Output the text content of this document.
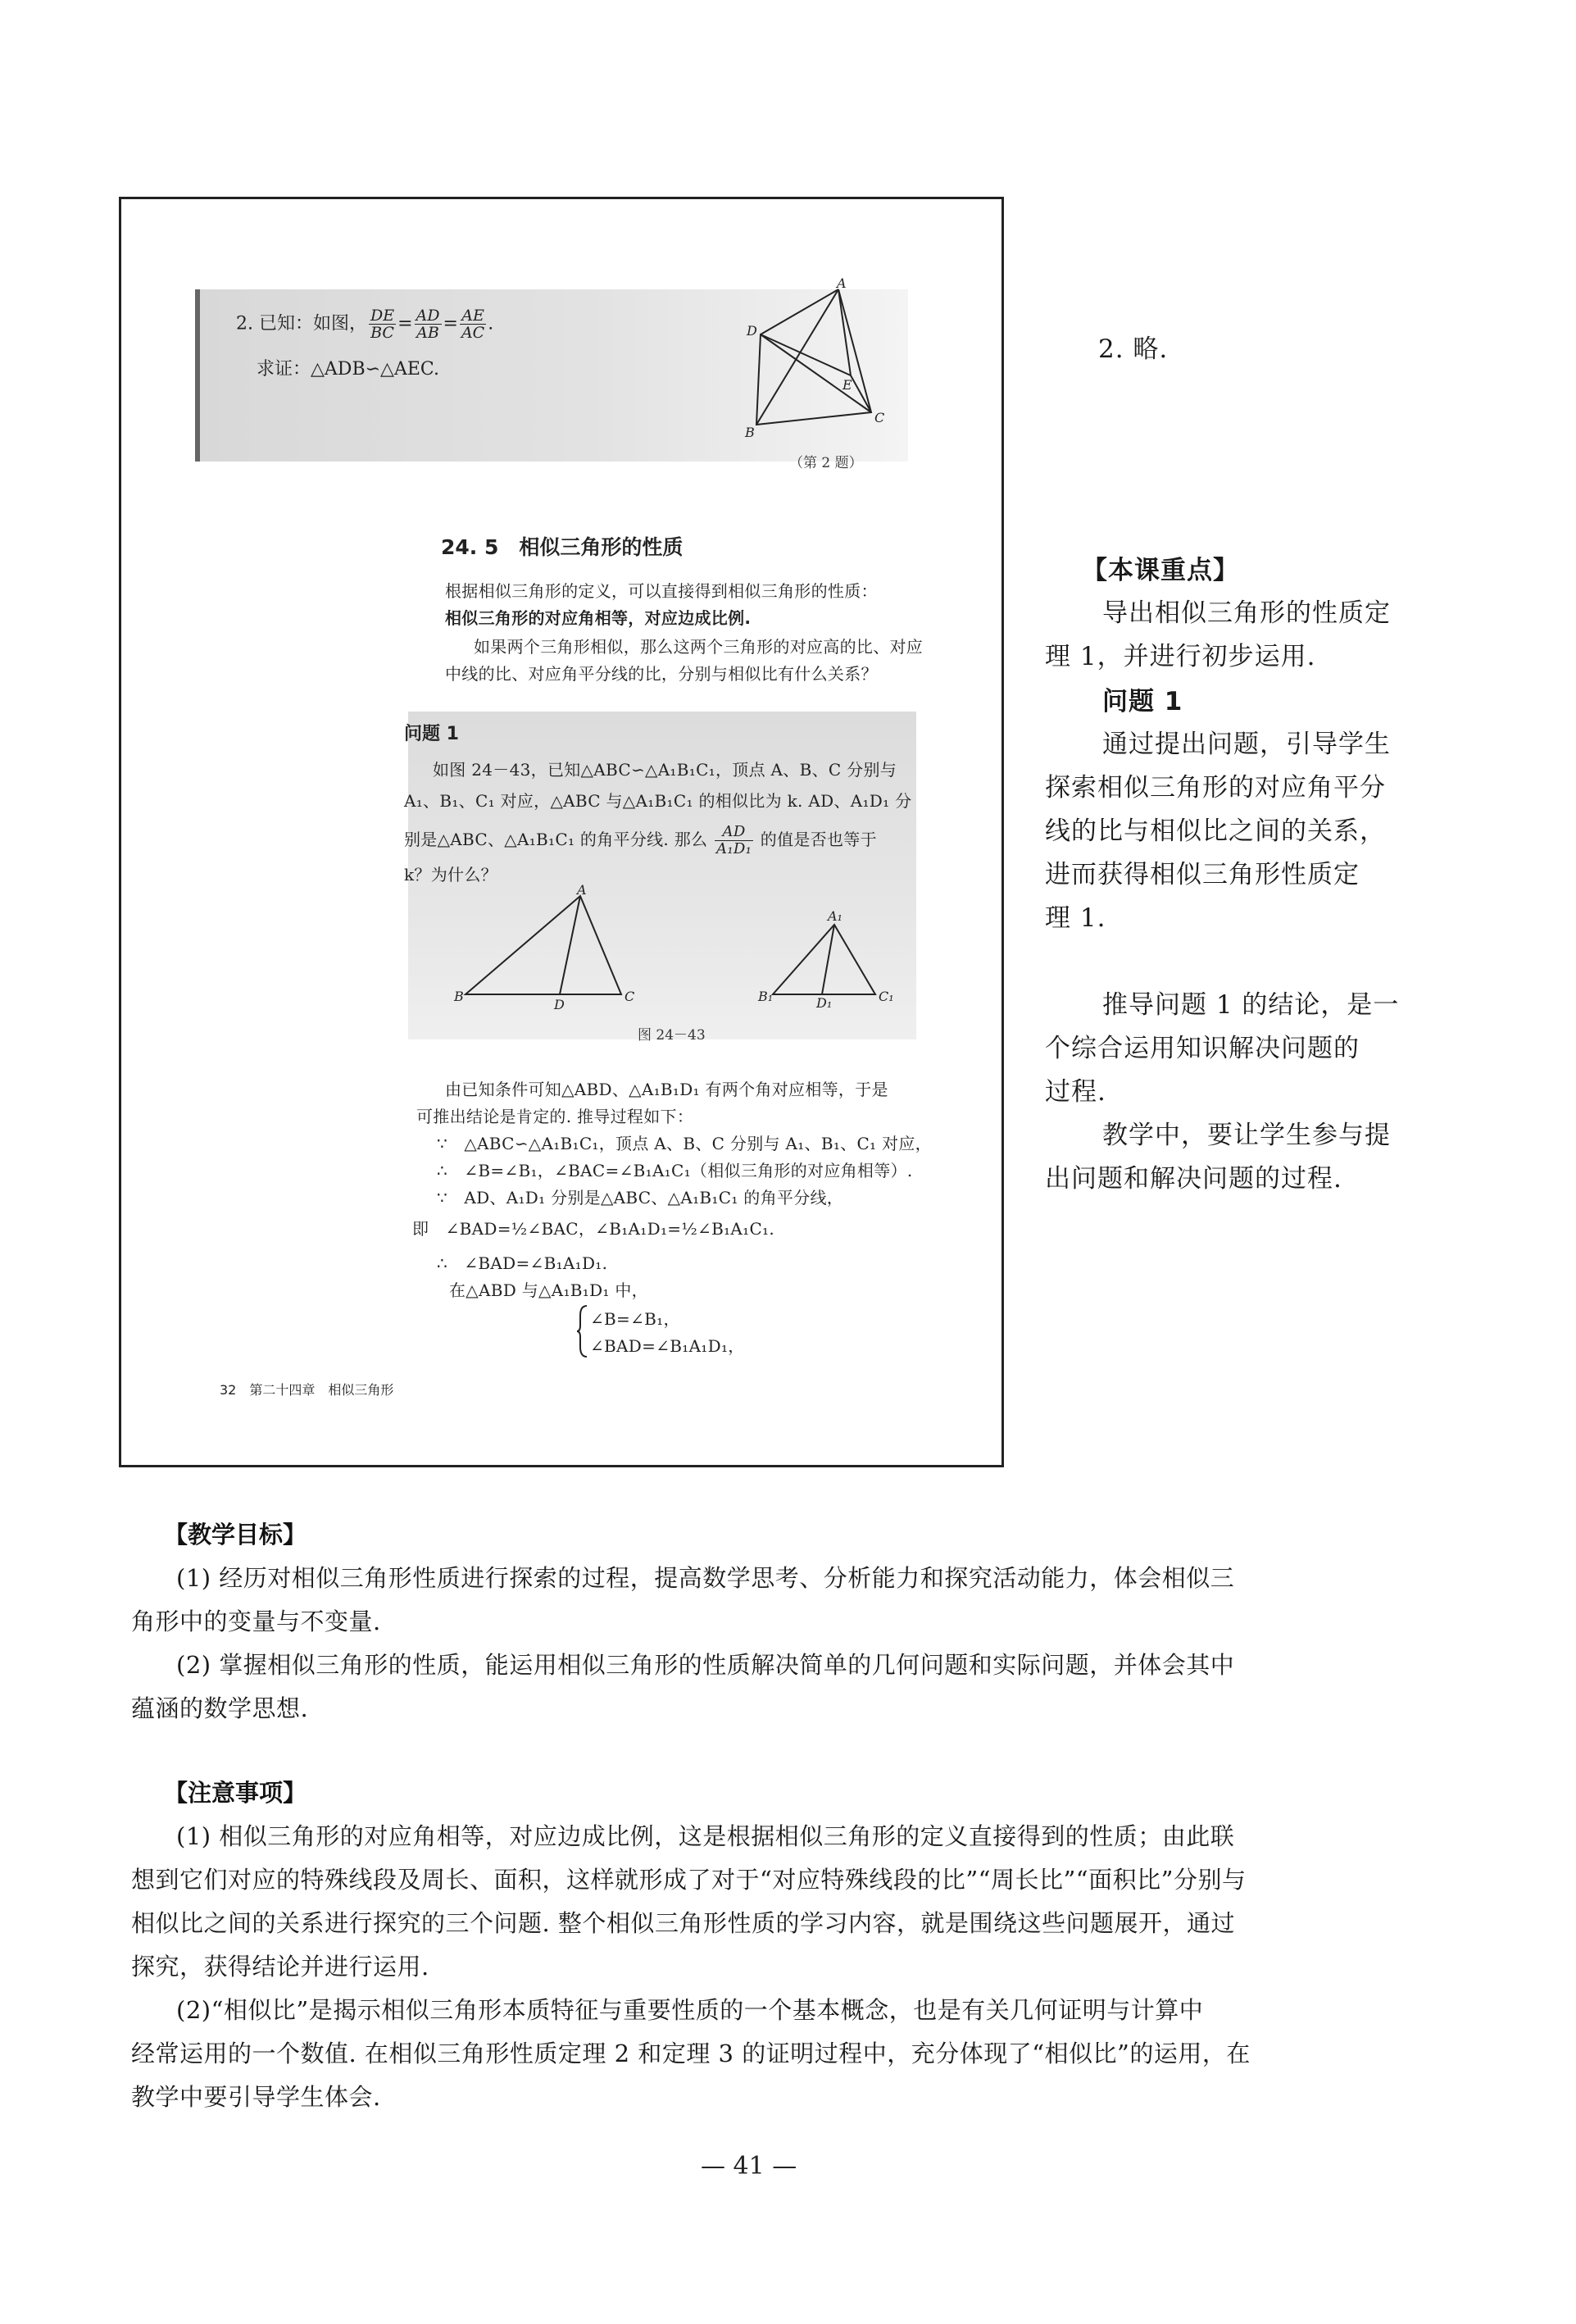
2. 已知：如图， $\frac{DE}{BC} = \frac{AD}{AB} = \frac{AE}{AC}$ .
求证：△ADB∽△AEC.
A
D
E
B
C
（第 2 题）
24. 5　相似三角形的性质
根据相似三角形的定义，可以直接得到相似三角形的性质：
相似三角形的对应角相等，对应边成比例.
如果两个三角形相似，那么这两个三角形的对应高的比、对应
中线的比、对应角平分线的比，分别与相似比有什么关系？
问题 1
如图 24－43，已知△ABC∽△A₁B₁C₁，顶点 A、B、C 分别与
A₁、B₁、C₁ 对应，△ABC 与△A₁B₁C₁ 的相似比为 k. AD、A₁D₁ 分
别是△ABC、△A₁B₁C₁ 的角平分线. 那么 $\frac{AD}{\text{A₁D₁}}$ 的值是否也等于
k？为什么？
A
B
D
C
A₁
B₁	D₁	C₁
图 24－43
由已知条件可知△ABD、△A₁B₁D₁ 有两个角对应相等，于是
可推出结论是肯定的. 推导过程如下：
∵　△ABC∽△A₁B₁C₁，顶点 A、B、C 分别与 A₁、B₁、C₁ 对应，
∴　∠B=∠B₁，∠BAC=∠B₁A₁C₁（相似三角形的对应角相等）.
∵　AD、A₁D₁ 分别是△ABC、△A₁B₁C₁ 的角平分线，
即　∠BAD=½∠BAC，∠B₁A₁D₁=½∠B₁A₁C₁.
∴　∠BAD=∠B₁A₁D₁.
在△ABD 与△A₁B₁D₁ 中，
∠B=∠B₁，
∠BAD=∠B₁A₁D₁，
32　第二十四章　相似三角形
2. 略.
【本课重点】
导出相似三角形的性质定
理 1，并进行初步运用.
问题 1
通过提出问题，引导学生
探索相似三角形的对应角平分
线的比与相似比之间的关系，
进而获得相似三角形性质定
理 1.
推导问题 1 的结论，是一
个综合运用知识解决问题的
过程.
教学中，要让学生参与提
出问题和解决问题的过程.
【教学目标】
(1) 经历对相似三角形性质进行探索的过程，提高数学思考、分析能力和探究活动能力，体会相似三
角形中的变量与不变量.
(2) 掌握相似三角形的性质，能运用相似三角形的性质解决简单的几何问题和实际问题，并体会其中
蕴涵的数学思想.
【注意事项】
(1) 相似三角形的对应角相等，对应边成比例，这是根据相似三角形的定义直接得到的性质；由此联
想到它们对应的特殊线段及周长、面积，这样就形成了对于“对应特殊线段的比”“周长比”“面积比”分别与
相似比之间的关系进行探究的三个问题. 整个相似三角形性质的学习内容，就是围绕这些问题展开，通过
探究，获得结论并进行运用.
(2)“相似比”是揭示相似三角形本质特征与重要性质的一个基本概念，也是有关几何证明与计算中
经常运用的一个数值. 在相似三角形性质定理 2 和定理 3 的证明过程中，充分体现了“相似比”的运用，在
教学中要引导学生体会.
— 41 —
